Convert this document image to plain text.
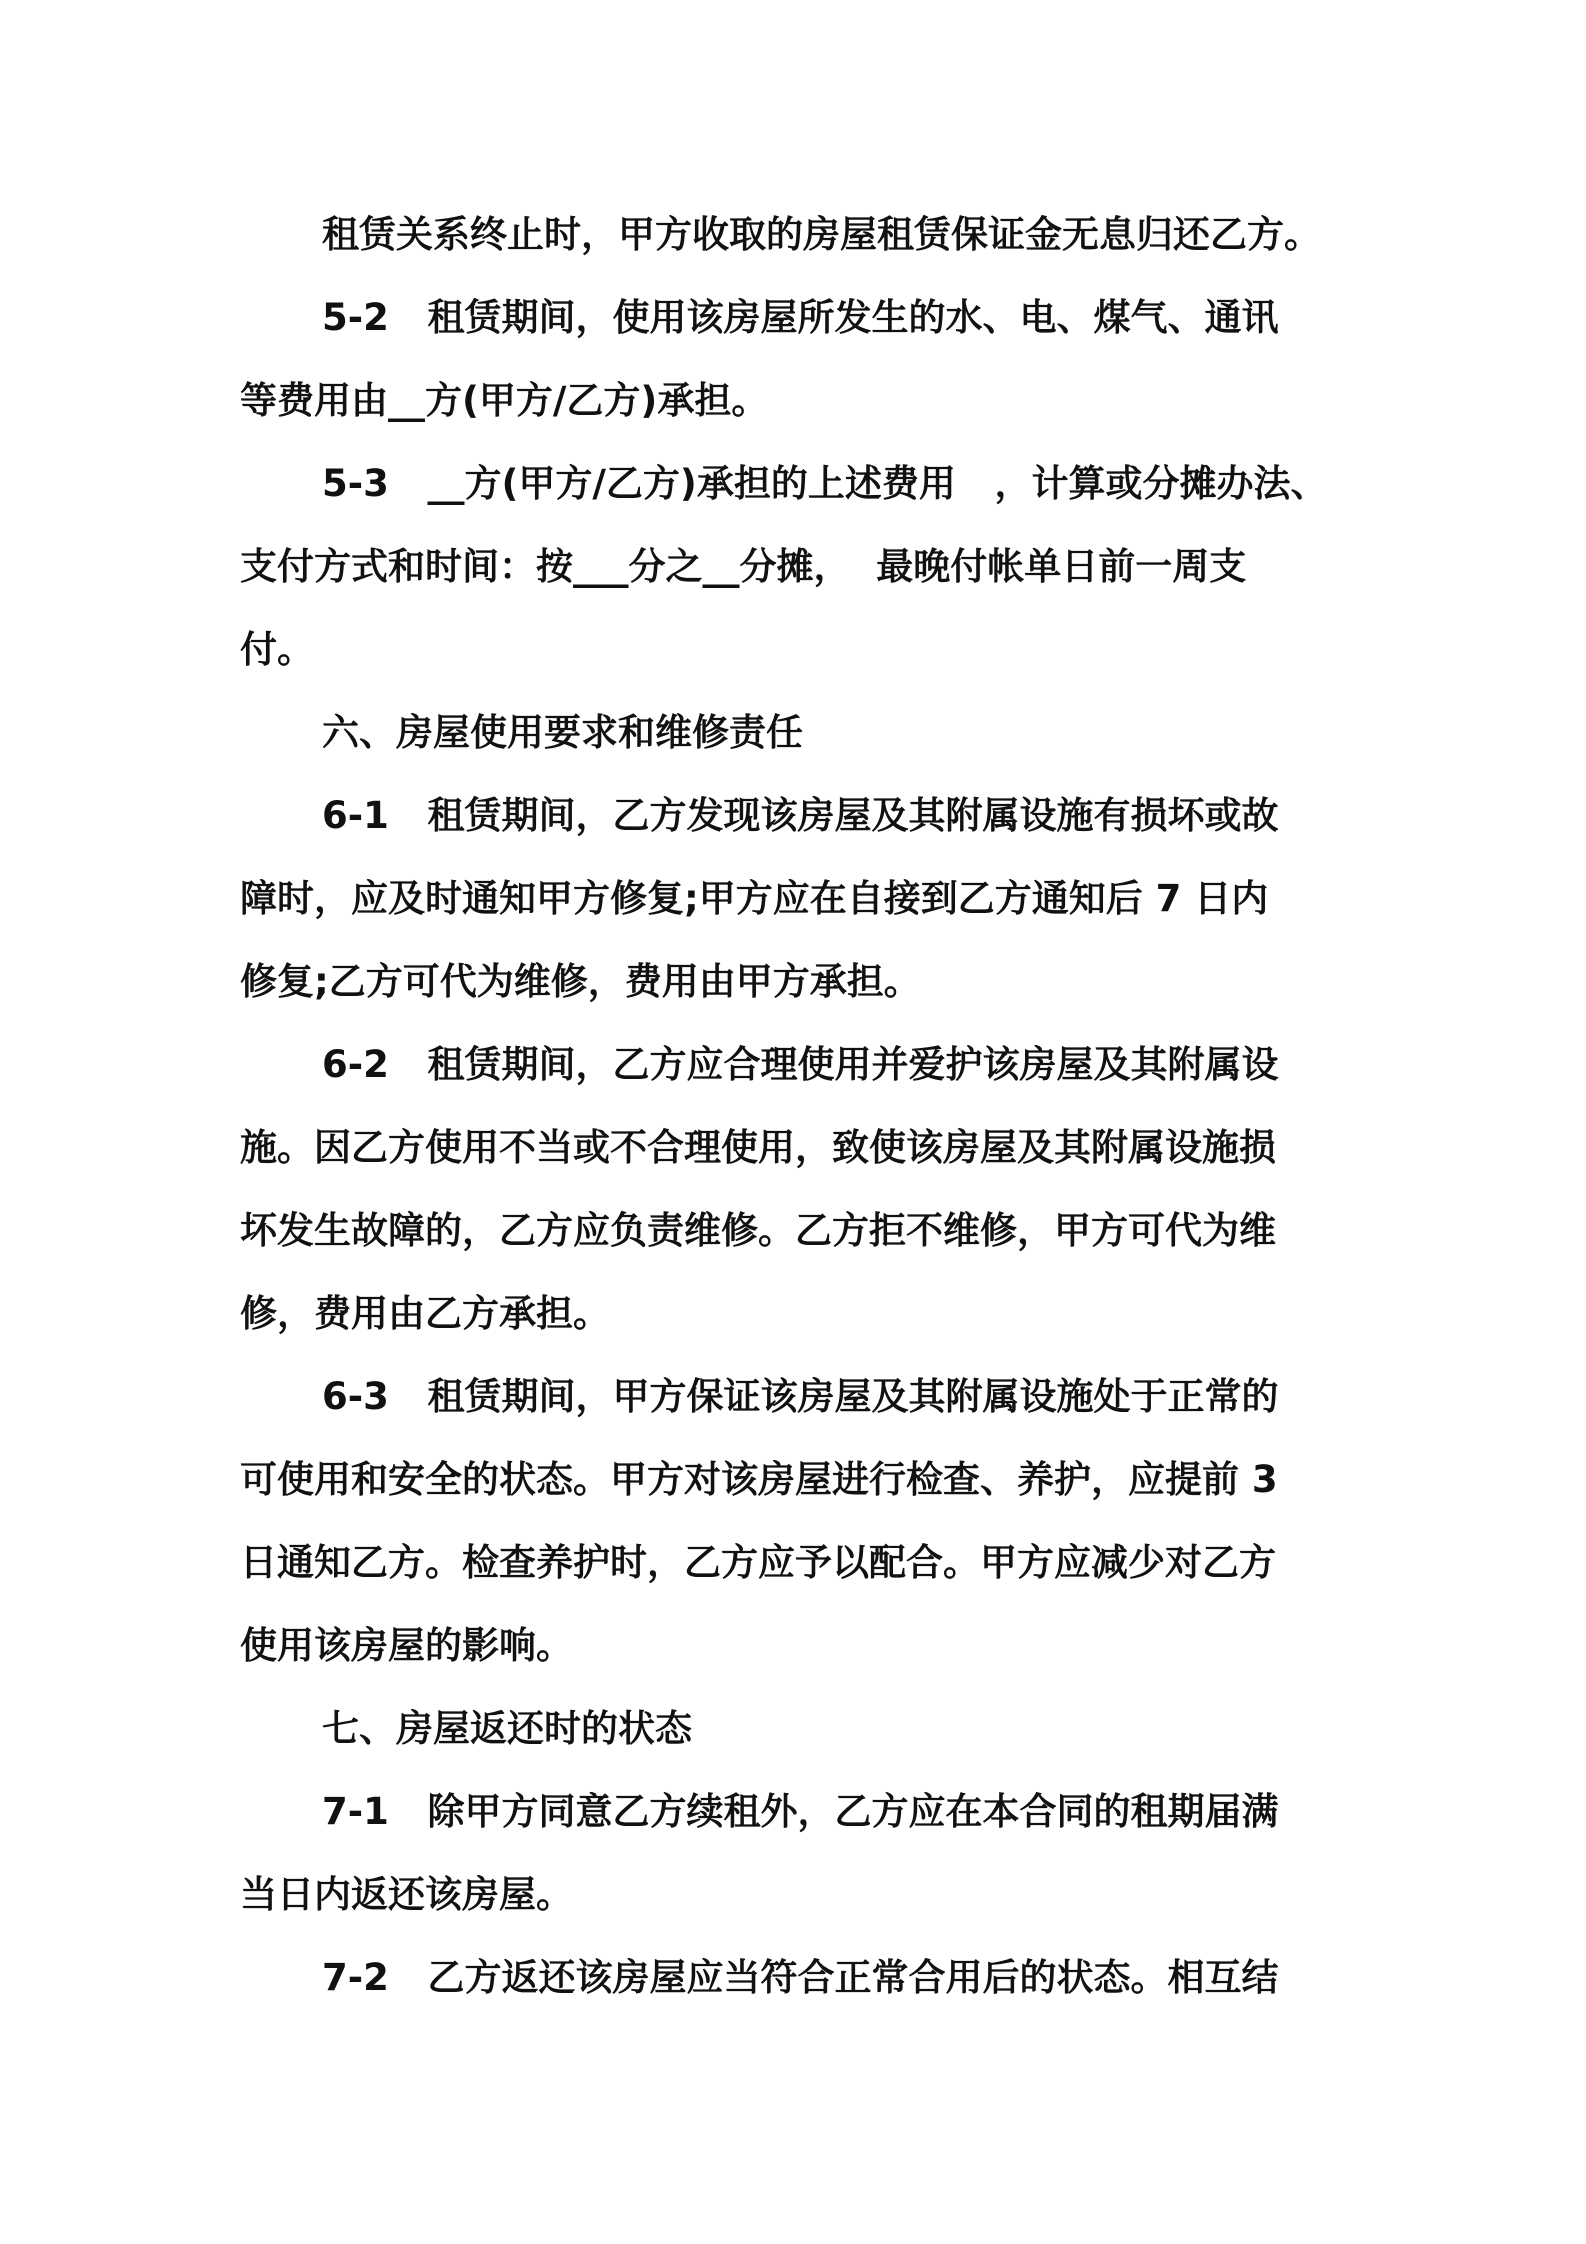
租赁关系终止时，甲方收取的房屋租赁保证金无息归还乙方。
5-2   租赁期间，使用该房屋所发生的水、电、煤气、通讯
等费用由__方(甲方/乙方)承担。
5-3   __方(甲方/乙方)承担的上述费用   ，计算或分摊办法、
支付方式和时间：按___分之__分摊，  最晚付帐单日前一周支
付。
六、房屋使用要求和维修责任
6-1   租赁期间，乙方发现该房屋及其附属设施有损坏或故
障时，应及时通知甲方修复;甲方应在自接到乙方通知后 7 日内
修复;乙方可代为维修，费用由甲方承担。
6-2   租赁期间，乙方应合理使用并爱护该房屋及其附属设
施。因乙方使用不当或不合理使用，致使该房屋及其附属设施损
坏发生故障的，乙方应负责维修。乙方拒不维修，甲方可代为维
修，费用由乙方承担。
6-3   租赁期间，甲方保证该房屋及其附属设施处于正常的
可使用和安全的状态。甲方对该房屋进行检查、养护，应提前 3
日通知乙方。检查养护时，乙方应予以配合。甲方应减少对乙方
使用该房屋的影响。
七、房屋返还时的状态
7-1   除甲方同意乙方续租外，乙方应在本合同的租期届满
当日内返还该房屋。
7-2   乙方返还该房屋应当符合正常合用后的状态。相互结
